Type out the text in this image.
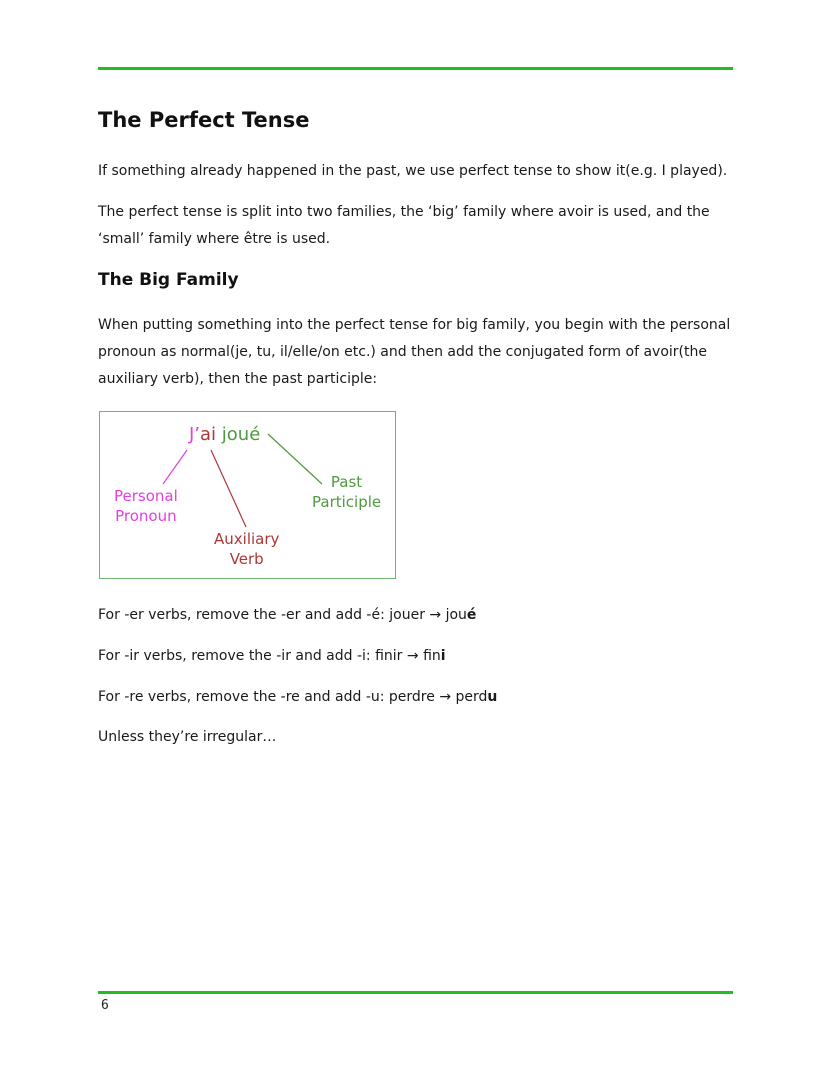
The Perfect Tense

If something already happened in the past, we use perfect tense to show it(e.g. I played).

The perfect tense is split into two families, the ‘big’ family where avoir is used, and the ‘small’ family where être is used.

The Big Family

When putting something into the perfect tense for big family, you begin with the personal pronoun as normal(je, tu, il/elle/on etc.) and then add the conjugated form of avoir(the auxiliary verb), then the past participle:

J’ai joué
Personal
Pronoun
Auxiliary
Verb
Past
Participle

For -er verbs, remove the -er and add -é: jouer → joué

For -ir verbs, remove the -ir and add -i: finir → fini

For -re verbs, remove the -re and add -u: perdre → perdu

Unless they’re irregular…

6
